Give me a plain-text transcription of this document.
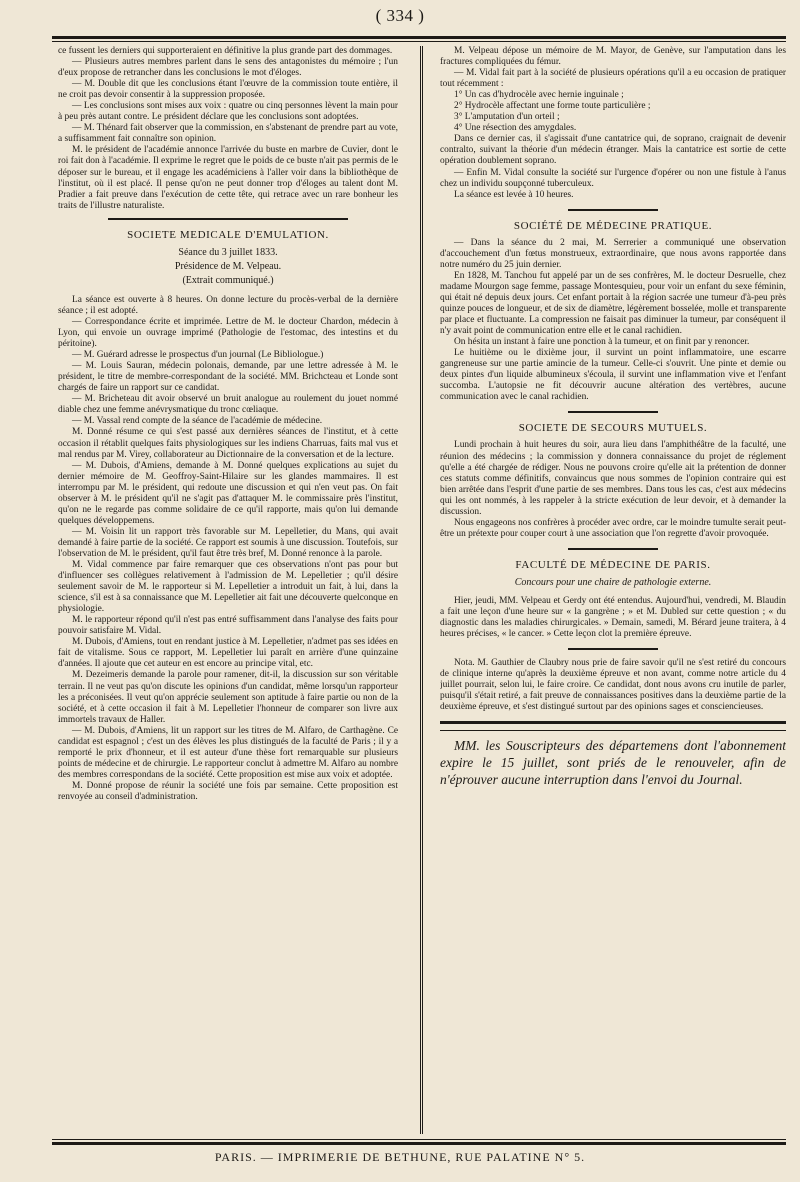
( 334 )

ce fussent les derniers qui supporteraient en définitive la plus grande part des dommages.

— Plusieurs autres membres parlent dans le sens des antagonistes du mémoire ; l'un d'eux propose de retrancher dans les conclusions le mot d'éloges.

— M. Double dit que les conclusions étant l'œuvre de la commission toute entière, il ne croit pas devoir consentir à la suppression proposée.

— Les conclusions sont mises aux voix : quatre ou cinq personnes lèvent la main pour à peu près autant contre. Le président déclare que les conclusions sont adoptées.

— M. Thénard fait observer que la commission, en s'abstenant de prendre part au vote, a suffisamment fait connaître son opinion.

M. le président de l'académie annonce l'arrivée du buste en marbre de Cuvier, dont le roi fait don à l'académie. Il exprime le regret que le poids de ce buste n'ait pas permis de le déposer sur le bureau, et il engage les académiciens à l'aller voir dans la bibliothèque de l'institut, où il est placé. Il pense qu'on ne peut donner trop d'éloges au talent dont M. Pradier a fait preuve dans l'exécution de cette tête, qui retrace avec un rare bonheur les traits de l'illustre naturaliste.

SOCIETE MEDICALE D'EMULATION.
Séance du 3 juillet 1833.
Présidence de M. Velpeau.
(Extrait communiqué.)

La séance est ouverte à 8 heures. On donne lecture du procès-verbal de la dernière séance ; il est adopté.

— Correspondance écrite et imprimée. Lettre de M. le docteur Chardon, médecin à Lyon, qui envoie un ouvrage imprimé (Pathologie de l'estomac, des intestins et du péritoine).

— M. Guérard adresse le prospectus d'un journal (Le Bibliologue.)

— M. Louis Sauran, médecin polonais, demande, par une lettre adressée à M. le président, le titre de membre-correspondant de la société. MM. Brichcteau et Londe sont chargés de faire un rapport sur ce candidat.

— M. Bricheteau dit avoir observé un bruit analogue au roulement du jouet nommé diable chez une femme anévrysmatique du tronc cœliaque.

— M. Vassal rend compte de la séance de l'académie de médecine.

M. Donné résume ce qui s'est passé aux dernières séances de l'institut, et à cette occasion il rétablit quelques faits physiologiques sur les indiens Charruas, faits mal vus et mal rendus par M. Virey, collaborateur au Dictionnaire de la conversation et de la lecture.

— M. Dubois, d'Amiens, demande à M. Donné quelques explications au sujet du dernier mémoire de M. Geoffroy-Saint-Hilaire sur les glandes mammaires. Il est interrompu par M. le président, qui redoute une discussion et qui n'en veut pas. On fait observer à M. le président qu'il ne s'agit pas d'attaquer M. le commissaire près l'institut, qu'on ne le regarde pas comme solidaire de ce qu'il rapporte, mais qu'on lui demande quelques développemens.

— M. Voisin lit un rapport très favorable sur M. Lepelletier, du Mans, qui avait demandé à faire partie de la société. Ce rapport est soumis à une discussion. Toutefois, sur l'observation de M. le président, qu'il faut être très bref, M. Donné renonce à la parole.

M. Vidal commence par faire remarquer que ces observations n'ont pas pour but d'influencer ses collègues relativement à l'admission de M. Lepelletier ; qu'il désire seulement savoir de M. le rapporteur si M. Lepelletier a introduit un fait, à lui, dans la science, s'il est à sa connaissance que M. Lepelletier ait fait une découverte quelconque en physiologie.

M. le rapporteur répond qu'il n'est pas entré suffisamment dans l'analyse des faits pour pouvoir satisfaire M. Vidal.

M. Dubois, d'Amiens, tout en rendant justice à M. Lepelletier, n'admet pas ses idées en fait de vitalisme. Sous ce rapport, M. Lepelletier lui paraît en arrière d'une quinzaine d'années. Il ajoute que cet auteur en est encore au principe vital, etc.

M. Dezeimeris demande la parole pour ramener, dit-il, la discussion sur son véritable terrain. Il ne veut pas qu'on discute les opinions d'un candidat, même lorsqu'un rapporteur les a préconisées. Il veut qu'on apprécie seulement son aptitude à faire partie ou non de la société, et à cette occasion il fait à M. Lepelletier l'honneur de comparer son livre aux immortels travaux de Haller.

— M. Dubois, d'Amiens, lit un rapport sur les titres de M. Alfaro, de Carthagène. Ce candidat est espagnol ; c'est un des élèves les plus distingués de la faculté de Paris ; il y a remporté le prix d'honneur, et il est auteur d'une thèse fort remarquable sur plusieurs points de médecine et de chirurgie. Le rapporteur conclut à admettre M. Alfaro au nombre des membres correspondans de la société. Cette proposition est mise aux voix et adoptée.

M. Donné propose de réunir la société une fois par semaine. Cette proposition est renvoyée au conseil d'administration.

M. Velpeau dépose un mémoire de M. Mayor, de Genève, sur l'amputation dans les fractures compliquées du fémur.

— M. Vidal fait part à la société de plusieurs opérations qu'il a eu occasion de pratiquer tout récemment :

1° Un cas d'hydrocèle avec hernie inguinale ;

2° Hydrocèle affectant une forme toute particulière ;

3° L'amputation d'un orteil ;

4° Une résection des amygdales.

Dans ce dernier cas, il s'agissait d'une cantatrice qui, de soprano, craignait de devenir contralto, suivant la théorie d'un médecin étranger. Mais la cantatrice est sortie de cette opération doublement soprano.

— Enfin M. Vidal consulte la société sur l'urgence d'opérer ou non une fistule à l'anus chez un individu soupçonné tuberculeux.

La séance est levée à 10 heures.

SOCIÉTÉ DE MÉDECINE PRATIQUE.

— Dans la séance du 2 mai, M. Serrerier a communiqué une observation d'accouchement d'un fœtus monstrueux, extraordinaire, que nous avons rapportée dans notre numéro du 25 juin dernier.

En 1828, M. Tanchou fut appelé par un de ses confrères, M. le docteur Desruelle, chez madame Mourgon sage femme, passage Montesquieu, pour voir un enfant du sexe féminin, qui était né depuis deux jours. Cet enfant portait à la région sacrée une tumeur d'à-peu près quinze pouces de longueur, et de six de diamètre, légèrement bosselée, molle et transparente par place et fluctuante. La compression ne faisait pas diminuer la tumeur, par conséquent il n'y avait point de communication entre elle et le canal rachidien.

On hésita un instant à faire une ponction à la tumeur, et on finit par y renoncer.

Le huitième ou le dixième jour, il survint un point inflammatoire, une escarre gangreneuse sur une partie amincie de la tumeur. Celle-ci s'ouvrit. Une pinte et demie ou deux pintes d'un liquide albumineux s'écoula, il survint une inflammation vive et l'enfant succomba. L'autopsie ne fit découvrir aucune altération des vertèbres, aucune communication avec le canal rachidien.

SOCIETE DE SECOURS MUTUELS.

Lundi prochain à huit heures du soir, aura lieu dans l'amphithéâtre de la faculté, une réunion des médecins ; la commission y donnera connaissance du projet de réglement qu'elle a été chargée de rédiger. Nous ne pouvons croire qu'elle ait la prétention de donner ces statuts comme définitifs, convaincus que nous sommes de l'opinion contraire qui est bien arrêtée dans l'esprit d'une partie de ses membres. Dans tous les cas, c'est aux médecins qui les ont nommés, à les rappeler à la stricte exécution de leur devoir, et à demander la discussion.

Nous engageons nos confrères à procéder avec ordre, car le moindre tumulte serait peut-être un prétexte pour couper court à une association que l'on regrette d'avoir provoquée.

FACULTÉ DE MÉDECINE DE PARIS.
Concours pour une chaire de pathologie externe.

Hier, jeudi, MM. Velpeau et Gerdy ont été entendus. Aujourd'hui, vendredi, M. Blaudin a fait une leçon d'une heure sur « la gangrène ; » et M. Dubled sur cette question ; « du diagnostic dans les maladies chirurgicales. » Demain, samedi, M. Bérard jeune traitera, à 4 heures précises, « le cancer. » Cette leçon clot la première épreuve.

Nota. M. Gauthier de Claubry nous prie de faire savoir qu'il ne s'est retiré du concours de clinique interne qu'après la deuxième épreuve et non avant, comme notre article du 4 juillet pourrait, selon lui, le faire croire. Ce candidat, dont nous avons cru inutile de parler, puisqu'il s'était retiré, a fait preuve de connaissances positives dans la deuxième partie de la deuxième épreuve, et s'est distingué surtout par des opinions sages et consciencieuses.

MM. les Souscripteurs des départemens dont l'abonnement expire le 15 juillet, sont priés de le renouveler, afin de n'éprouver aucune interruption dans l'envoi du Journal.

PARIS. — IMPRIMERIE DE BETHUNE, RUE PALATINE N° 5.
